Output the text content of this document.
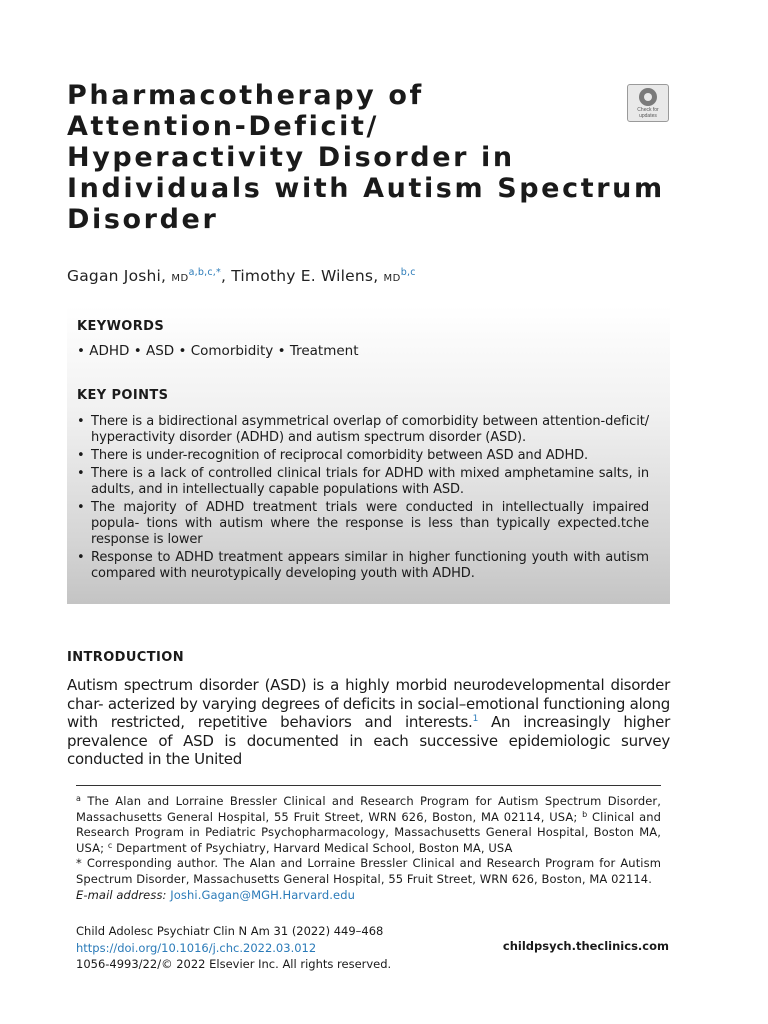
Pharmacotherapy of
Attention-Deficit/
Hyperactivity Disorder in
Individuals with Autism Spectrum
Disorder
Check for updates
Gagan Joshi, $MD^{a,b,c,*}$, Timothy E. Wilens, MD$^{b,c}$
KEYWORDS
• ADHD • ASD • Comorbidity • Treatment
KEY POINTS
• There is a bidirectional asymmetrical overlap of comorbidity between attention-deficit/ hyperactivity disorder (ADHD) and autism spectrum disorder (ASD).
• There is under-recognition of reciprocal comorbidity between ASD and ADHD.
• There is a lack of controlled clinical trials for ADHD with mixed amphetamine salts, in adults, and in intellectually capable populations with ASD.
• The majority of ADHD treatment trials were conducted in intellectually impaired popula- tions with autism where the response is less than typically expected.tche response is lower
• Response to ADHD treatment appears similar in higher functioning youth with autism compared with neurotypically developing youth with ADHD.
INTRODUCTION

Autism spectrum disorder (ASD) is a highly morbid neurodevelopmental disorder char- acterized by varying degrees of deficits in social–emotional functioning along with restricted, repetitive behaviors and interests.$^1$ An increasingly higher prevalence of ASD is documented in each successive epidemiologic survey conducted in the United

$^a$ The Alan and Lorraine Bressler Clinical and Research Program for Autism Spectrum Disorder, Massachusetts General Hospital, 55 Fruit Street, WRN 626, Boston, MA 02114, USA; $^b$ Clinical and Research Program in Pediatric Psychopharmacology, Massachusetts General Hospital, Boston MA, USA; $^c$ Department of Psychiatry, Harvard Medical School, Boston MA, USA
* Corresponding author. The Alan and Lorraine Bressler Clinical and Research Program for Autism Spectrum Disorder, Massachusetts General Hospital, 55 Fruit Street, WRN 626, Boston, MA 02114.
E-mail address: Joshi.Gagan@MGH.Harvard.edu

Child Adolesc Psychiatr Clin N Am 31 (2022) 449–468
https://doi.org/10.1016/j.chc.2022.03.012
1056-4993/22/© 2022 Elsevier Inc. All rights reserved.
childpsych.theclinics.com
